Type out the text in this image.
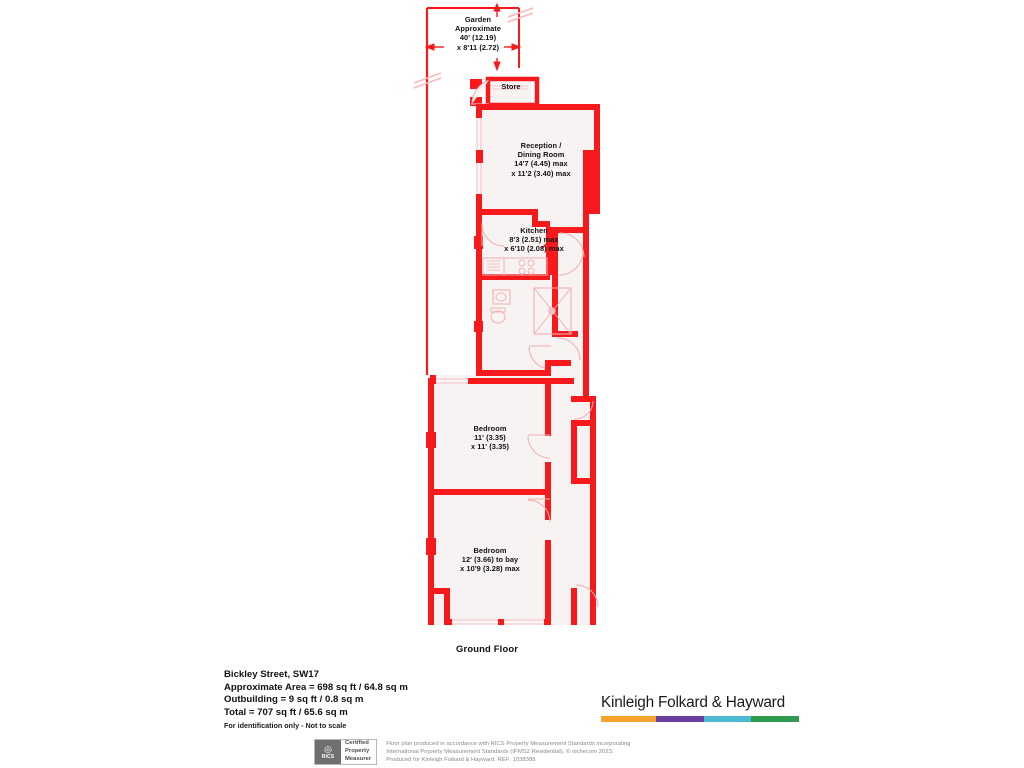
Garden
Approximate
40' (12.19)
x 8'11 (2.72)
Store
Reception /
Dining Room
14'7 (4.45) max
x 11'2 (3.40) max
Kitchen
8'3 (2.51) max
x 6'10 (2.08) max
Bedroom
11' (3.35)
x 11' (3.35)
Bedroom
12' (3.66) to bay
x 10'9 (3.28) max
Ground Floor
Bickley Street, SW17
Approximate Area = 698 sq ft / 64.8 sq m
Outbuilding = 9 sq ft / 0.8 sq m
Total = 707 sq ft / 65.6 sq m
For identification only - Not to scale
Kinleigh Folkard & Hayward
◎
RICS
Certified
Property
Measurer
Floor plan produced in accordance with RICS Property Measurement Standards incorporating
International Property Measurement Standards (IPMS2 Residential). © nichecom 2023.
Produced for Kinleigh Folkard & Hayward. REF: 1038388
